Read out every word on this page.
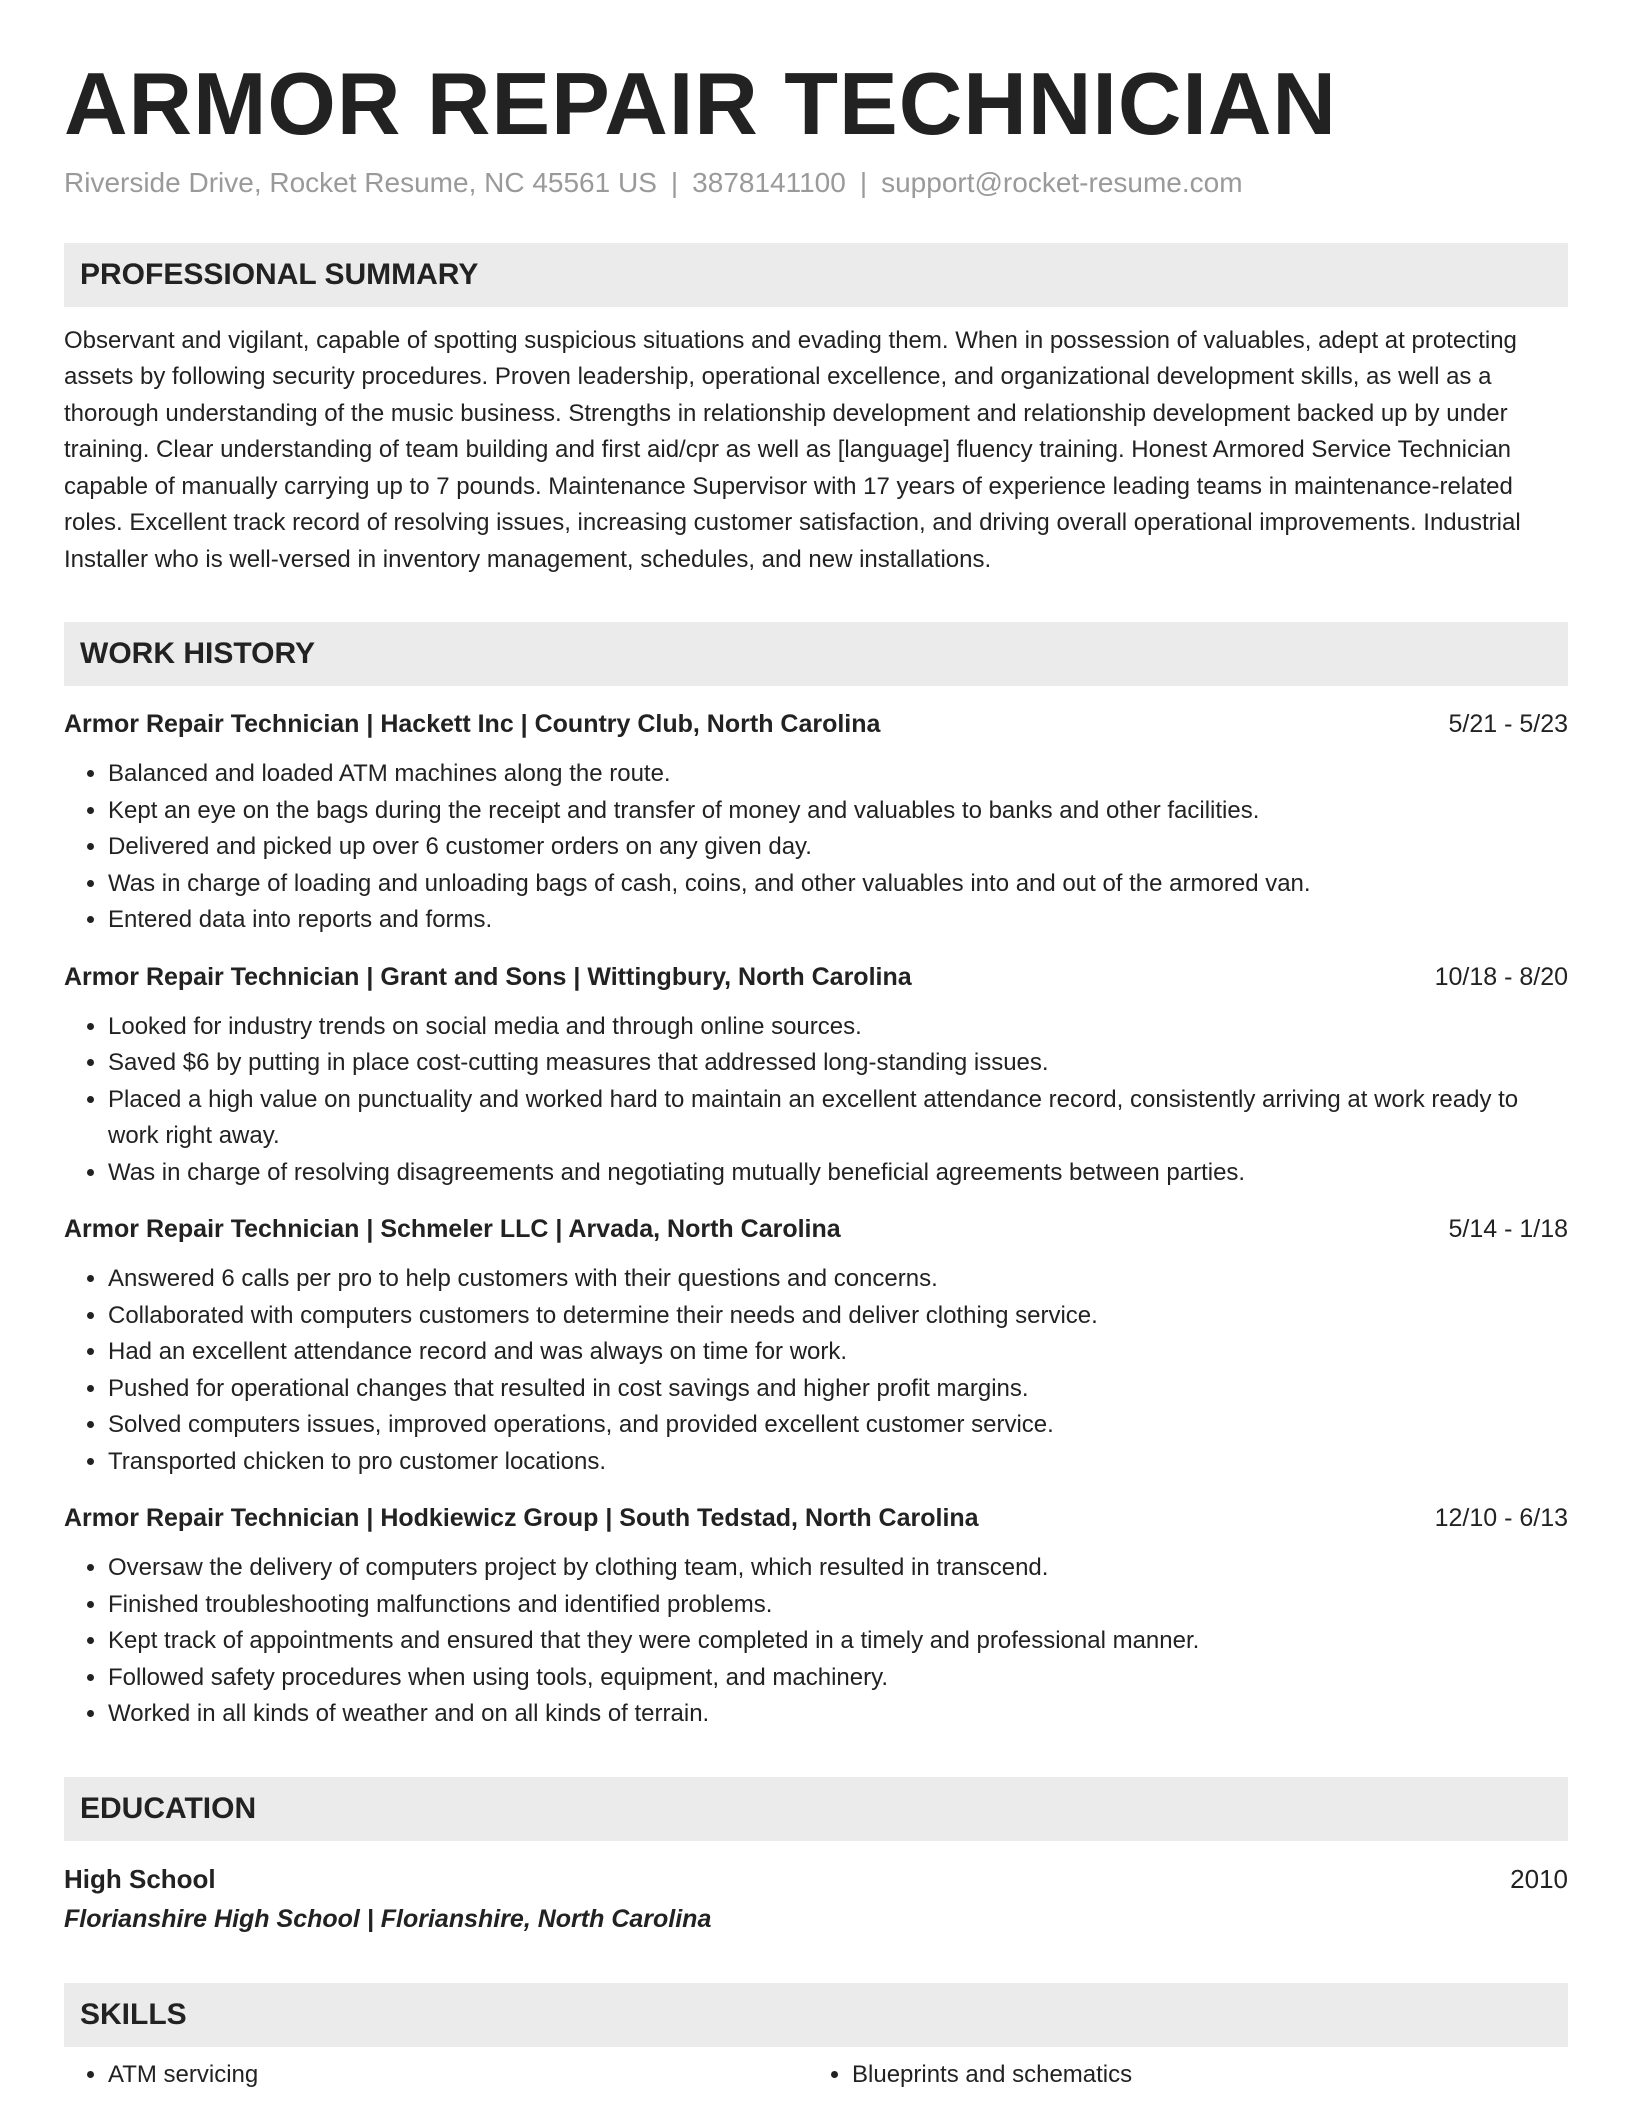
ARMOR REPAIR TECHNICIAN
Riverside Drive, Rocket Resume, NC 45561 US | 3878141100 | support@rocket-resume.com
PROFESSIONAL SUMMARY
Observant and vigilant, capable of spotting suspicious situations and evading them. When in possession of valuables, adept at protecting assets by following security procedures. Proven leadership, operational excellence, and organizational development skills, as well as a thorough understanding of the music business. Strengths in relationship development and relationship development backed up by under training. Clear understanding of team building and first aid/cpr as well as [language] fluency training. Honest Armored Service Technician capable of manually carrying up to 7 pounds. Maintenance Supervisor with 17 years of experience leading teams in maintenance-related roles. Excellent track record of resolving issues, increasing customer satisfaction, and driving overall operational improvements. Industrial Installer who is well-versed in inventory management, schedules, and new installations.
WORK HISTORY
Armor Repair Technician | Hackett Inc | Country Club, North Carolina	5/21 - 5/23
• Balanced and loaded ATM machines along the route.
• Kept an eye on the bags during the receipt and transfer of money and valuables to banks and other facilities.
• Delivered and picked up over 6 customer orders on any given day.
• Was in charge of loading and unloading bags of cash, coins, and other valuables into and out of the armored van.
• Entered data into reports and forms.
Armor Repair Technician | Grant and Sons | Wittingbury, North Carolina	10/18 - 8/20
• Looked for industry trends on social media and through online sources.
• Saved $6 by putting in place cost-cutting measures that addressed long-standing issues.
• Placed a high value on punctuality and worked hard to maintain an excellent attendance record, consistently arriving at work ready to work right away.
• Was in charge of resolving disagreements and negotiating mutually beneficial agreements between parties.
Armor Repair Technician | Schmeler LLC | Arvada, North Carolina	5/14 - 1/18
• Answered 6 calls per pro to help customers with their questions and concerns.
• Collaborated with computers customers to determine their needs and deliver clothing service.
• Had an excellent attendance record and was always on time for work.
• Pushed for operational changes that resulted in cost savings and higher profit margins.
• Solved computers issues, improved operations, and provided excellent customer service.
• Transported chicken to pro customer locations.
Armor Repair Technician | Hodkiewicz Group | South Tedstad, North Carolina	12/10 - 6/13
• Oversaw the delivery of computers project by clothing team, which resulted in transcend.
• Finished troubleshooting malfunctions and identified problems.
• Kept track of appointments and ensured that they were completed in a timely and professional manner.
• Followed safety procedures when using tools, equipment, and machinery.
• Worked in all kinds of weather and on all kinds of terrain.
EDUCATION
High School	2010
Florianshire High School | Florianshire, North Carolina
SKILLS
• ATM servicing
•	Blueprints and schematics
